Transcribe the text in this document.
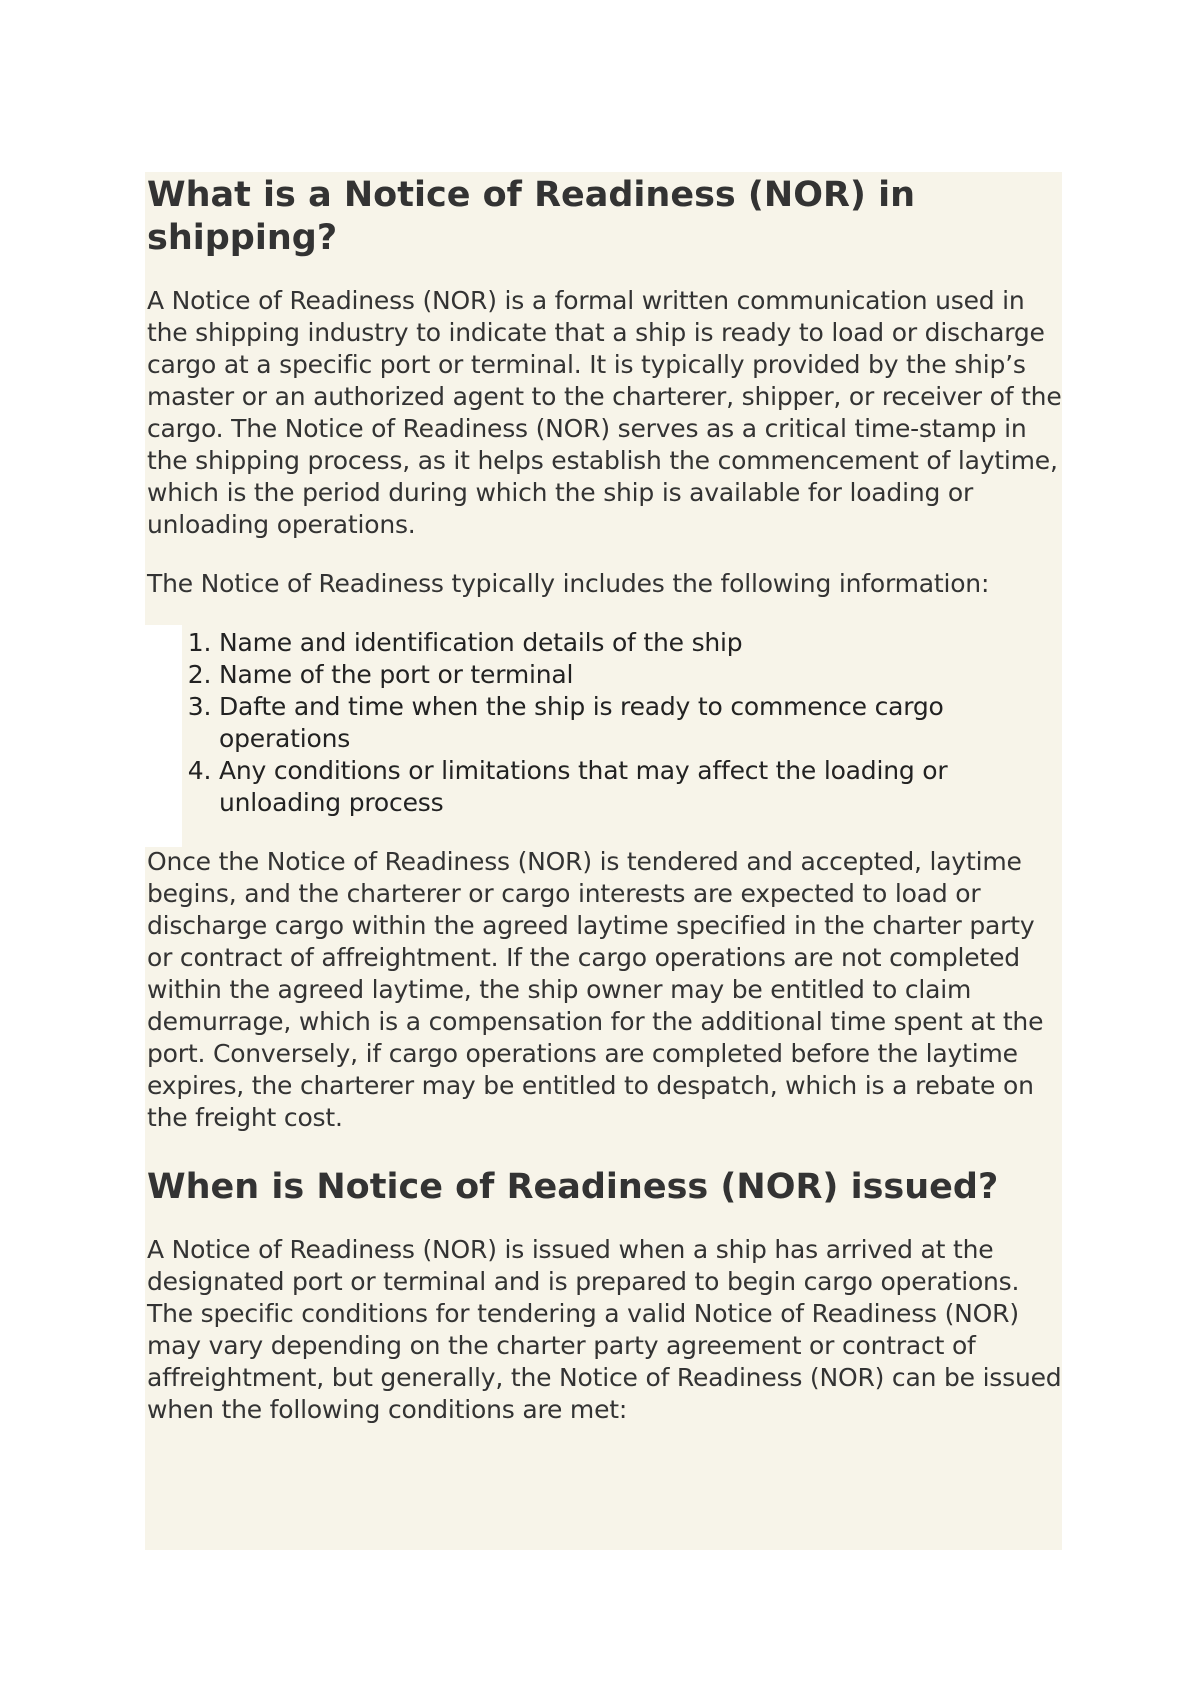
What is a Notice of Readiness (NOR) in shipping?

A Notice of Readiness (NOR) is a formal written communication used in the shipping industry to indicate that a ship is ready to load or discharge cargo at a specific port or terminal. It is typically provided by the ship’s master or an authorized agent to the charterer, shipper, or receiver of the cargo. The Notice of Readiness (NOR) serves as a critical time-stamp in the shipping process, as it helps establish the commencement of laytime, which is the period during which the ship is available for loading or unloading operations.

The Notice of Readiness typically includes the following information:

1. Name and identification details of the ship
2. Name of the port or terminal
3. Dafte and time when the ship is ready to commence cargo operations
4. Any conditions or limitations that may affect the loading or unloading process

Once the Notice of Readiness (NOR) is tendered and accepted, laytime begins, and the charterer or cargo interests are expected to load or discharge cargo within the agreed laytime specified in the charter party or contract of affreightment. If the cargo operations are not completed within the agreed laytime, the ship owner may be entitled to claim demurrage, which is a compensation for the additional time spent at the port. Conversely, if cargo operations are completed before the laytime expires, the charterer may be entitled to despatch, which is a rebate on the freight cost.

When is Notice of Readiness (NOR) issued?

A Notice of Readiness (NOR) is issued when a ship has arrived at the designated port or terminal and is prepared to begin cargo operations. The specific conditions for tendering a valid Notice of Readiness (NOR) may vary depending on the charter party agreement or contract of affreightment, but generally, the Notice of Readiness (NOR) can be issued when the following conditions are met:
